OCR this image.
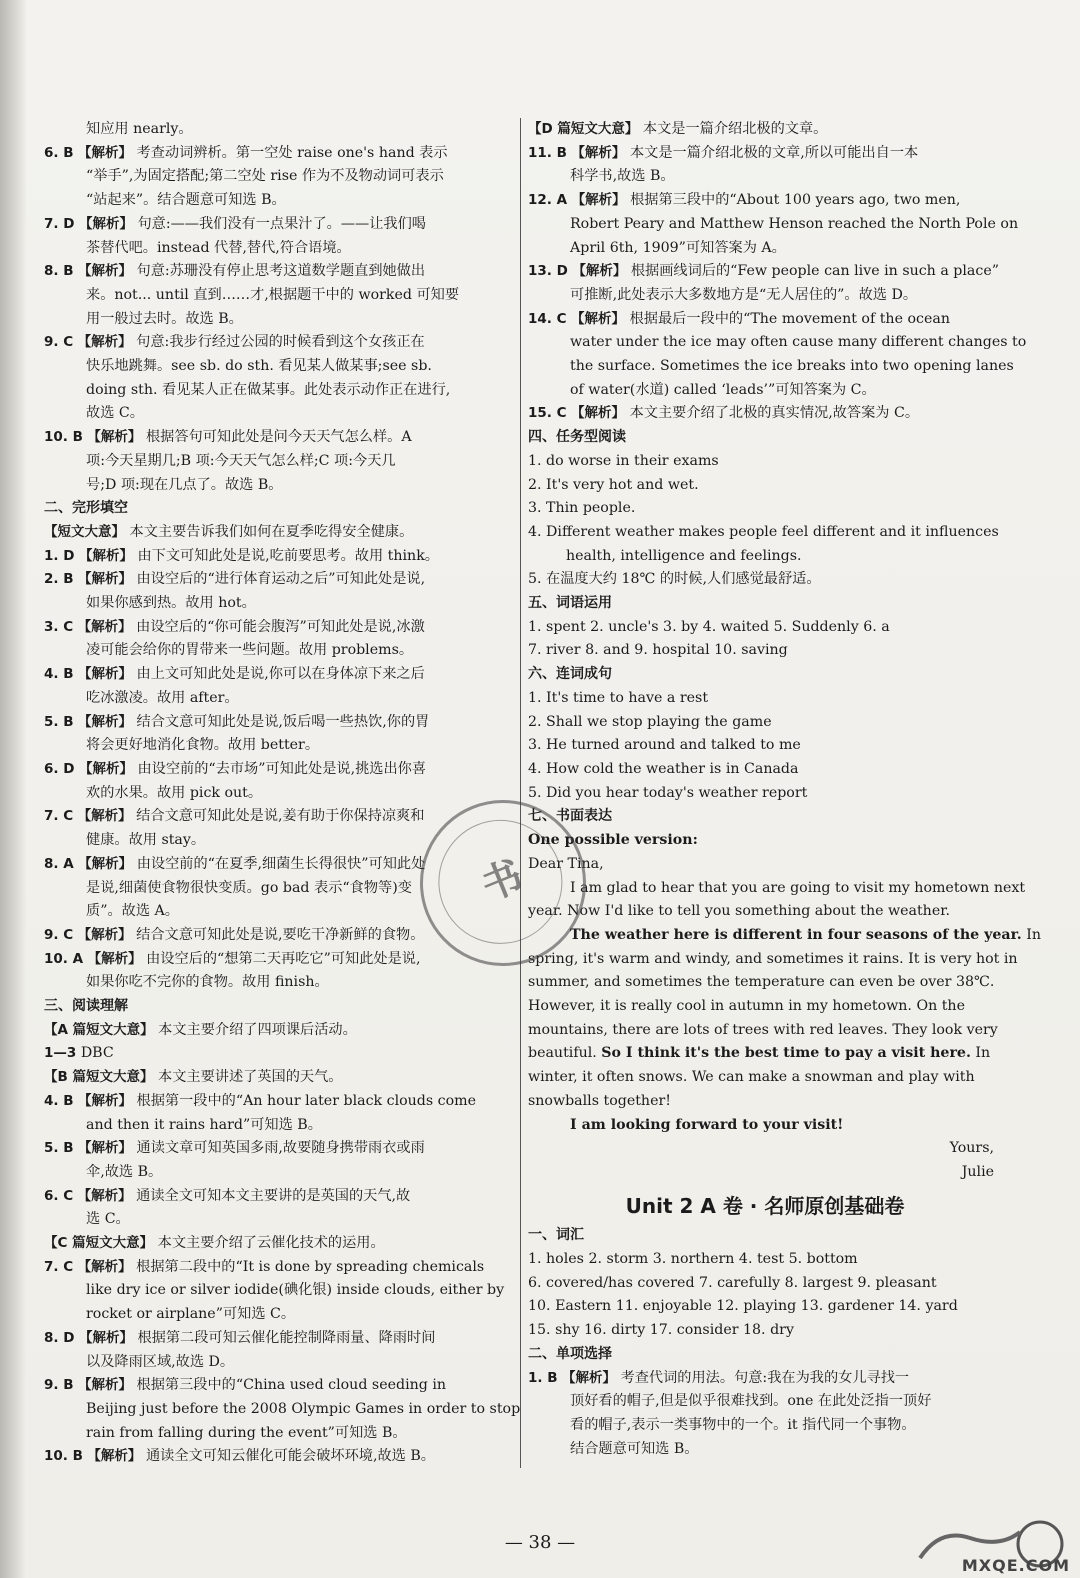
知应用 nearly。
6. B 【解析】 考查动词辨析。第一空处 raise one's hand 表示
“举手”,为固定搭配;第二空处 rise 作为不及物动词可表示
“站起来”。结合题意可知选 B。
7. D 【解析】 句意:——我们没有一点果汁了。——让我们喝
茶替代吧。instead 代替,替代,符合语境。
8. B 【解析】 句意:苏珊没有停止思考这道数学题直到她做出
来。not... until 直到……才,根据题干中的 worked 可知要
用一般过去时。故选 B。
9. C 【解析】 句意:我步行经过公园的时候看到这个女孩正在
快乐地跳舞。see sb. do sth. 看见某人做某事;see sb.
doing sth. 看见某人正在做某事。此处表示动作正在进行,
故选 C。
10. B 【解析】 根据答句可知此处是问今天天气怎么样。A
项:今天星期几;B 项:今天天气怎么样;C 项:今天几
号;D 项:现在几点了。故选 B。
二、完形填空
【短文大意】 本文主要告诉我们如何在夏季吃得安全健康。
1. D 【解析】 由下文可知此处是说,吃前要思考。故用 think。
2. B 【解析】 由设空后的“进行体育运动之后”可知此处是说,
如果你感到热。故用 hot。
3. C 【解析】 由设空后的“你可能会腹泻”可知此处是说,冰激
凌可能会给你的胃带来一些问题。故用 problems。
4. B 【解析】 由上文可知此处是说,你可以在身体凉下来之后
吃冰激凌。故用 after。
5. B 【解析】 结合文意可知此处是说,饭后喝一些热饮,你的胃
将会更好地消化食物。故用 better。
6. D 【解析】 由设空前的“去市场”可知此处是说,挑选出你喜
欢的水果。故用 pick out。
7. C 【解析】 结合文意可知此处是说,姜有助于你保持凉爽和
健康。故用 stay。
8. A 【解析】 由设空前的“在夏季,细菌生长得很快”可知此处
是说,细菌使食物很快变质。go bad 表示“食物等)变
质”。故选 A。
9. C 【解析】 结合文意可知此处是说,要吃干净新鲜的食物。
10. A 【解析】 由设空后的“想第二天再吃它”可知此处是说,
如果你吃不完你的食物。故用 finish。
三、阅读理解
【A 篇短文大意】 本文主要介绍了四项课后活动。
1—3 DBC
【B 篇短文大意】 本文主要讲述了英国的天气。
4. B 【解析】 根据第一段中的“An hour later black clouds come
and then it rains hard”可知选 B。
5. B 【解析】 通读文章可知英国多雨,故要随身携带雨衣或雨
伞,故选 B。
6. C 【解析】 通读全文可知本文主要讲的是英国的天气,故
选 C。
【C 篇短文大意】 本文主要介绍了云催化技术的运用。
7. C 【解析】 根据第二段中的“It is done by spreading chemicals
like dry ice or silver iodide(碘化银) inside clouds, either by
rocket or airplane”可知选 C。
8. D 【解析】 根据第二段可知云催化能控制降雨量、降雨时间
以及降雨区域,故选 D。
9. B 【解析】 根据第三段中的“China used cloud seeding in
Beijing just before the 2008 Olympic Games in order to stop
rain from falling during the event”可知选 B。
10. B 【解析】 通读全文可知云催化可能会破坏环境,故选 B。
【D 篇短文大意】 本文是一篇介绍北极的文章。
11. B 【解析】 本文是一篇介绍北极的文章,所以可能出自一本
科学书,故选 B。
12. A 【解析】 根据第三段中的“About 100 years ago, two men,
Robert Peary and Matthew Henson reached the North Pole on
April 6th, 1909”可知答案为 A。
13. D 【解析】 根据画线词后的“Few people can live in such a place”
可推断,此处表示大多数地方是“无人居住的”。故选 D。
14. C 【解析】 根据最后一段中的“The movement of the ocean
water under the ice may often cause many different changes to
the surface. Sometimes the ice breaks into two opening lanes
of water(水道) called ‘leads’”可知答案为 C。
15. C 【解析】 本文主要介绍了北极的真实情况,故答案为 C。
四、任务型阅读
1. do worse in their exams
2. It's very hot and wet.
3. Thin people.
4. Different weather makes people feel different and it influences
health, intelligence and feelings.
5. 在温度大约 18℃ 的时候,人们感觉最舒适。
五、词语运用
1. spent 2. uncle's 3. by 4. waited 5. Suddenly 6. a
7. river 8. and 9. hospital 10. saving
六、连词成句
1. It's time to have a rest
2. Shall we stop playing the game
3. He turned around and talked to me
4. How cold the weather is in Canada
5. Did you hear today's weather report
七、书面表达
One possible version:
Dear Tina,
I am glad to hear that you are going to visit my hometown next
year. Now I'd like to tell you something about the weather.
The weather here is different in four seasons of the year. In
spring, it's warm and windy, and sometimes it rains. It is very hot in
summer, and sometimes the temperature can even be over 38℃.
However, it is really cool in autumn in my hometown. On the
mountains, there are lots of trees with red leaves. They look very
beautiful. So I think it's the best time to pay a visit here. In
winter, it often snows. We can make a snowman and play with
snowballs together!
I am looking forward to your visit!
Yours,
Julie
Unit 2 A 卷 · 名师原创基础卷
一、词汇
1. holes 2. storm 3. northern 4. test 5. bottom
6. covered/has covered 7. carefully 8. largest 9. pleasant
10. Eastern 11. enjoyable 12. playing 13. gardener 14. yard
15. shy 16. dirty 17. consider 18. dry
二、单项选择
1. B 【解析】 考查代词的用法。句意:我在为我的女儿寻找一
顶好看的帽子,但是似乎很难找到。one 在此处泛指一顶好
看的帽子,表示一类事物中的一个。it 指代同一个事物。
结合题意可知选 B。
书
— 38 —
MXQE.COM
